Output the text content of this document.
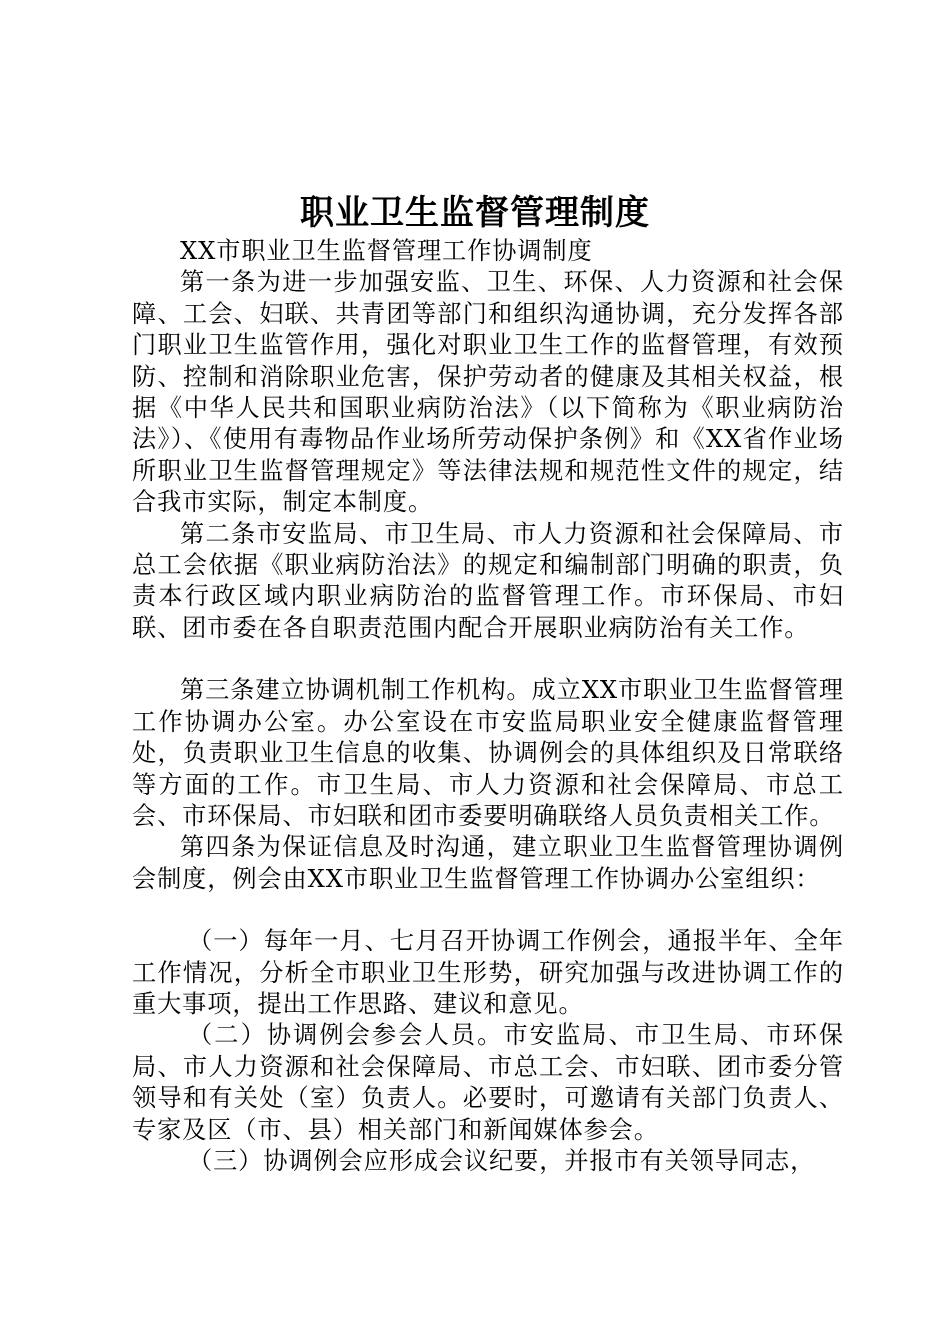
职业卫生监督管理制度

XX市职业卫生监督管理工作协调制度

第一条为进一步加强安监、卫生、环保、人力资源和社会保障、工会、妇联、共青团等部门和组织沟通协调，充分发挥各部门职业卫生监管作用，强化对职业卫生工作的监督管理，有效预防、控制和消除职业危害，保护劳动者的健康及其相关权益，根据《中华人民共和国职业病防治法》（以下简称为《职业病防治法》）、《使用有毒物品作业场所劳动保护条例》和《XX省作业场所职业卫生监督管理规定》等法律法规和规范性文件的规定，结合我市实际，制定本制度。

第二条市安监局、市卫生局、市人力资源和社会保障局、市总工会依据《职业病防治法》的规定和编制部门明确的职责，负责本行政区域内职业病防治的监督管理工作。市环保局、市妇联、团市委在各自职责范围内配合开展职业病防治有关工作。

第三条建立协调机制工作机构。成立XX市职业卫生监督管理工作协调办公室。办公室设在市安监局职业安全健康监督管理处，负责职业卫生信息的收集、协调例会的具体组织及日常联络等方面的工作。市卫生局、市人力资源和社会保障局、市总工会、市环保局、市妇联和团市委要明确联络人员负责相关工作。

第四条为保证信息及时沟通，建立职业卫生监督管理协调例会制度，例会由XX市职业卫生监督管理工作协调办公室组织：

（一）每年一月、七月召开协调工作例会，通报半年、全年工作情况，分析全市职业卫生形势，研究加强与改进协调工作的重大事项，提出工作思路、建议和意见。

（二）协调例会参会人员。市安监局、市卫生局、市环保局、市人力资源和社会保障局、市总工会、市妇联、团市委分管领导和有关处（室）负责人。必要时，可邀请有关部门负责人、专家及区（市、县）相关部门和新闻媒体参会。

（三）协调例会应形成会议纪要，并报市有关领导同志，
